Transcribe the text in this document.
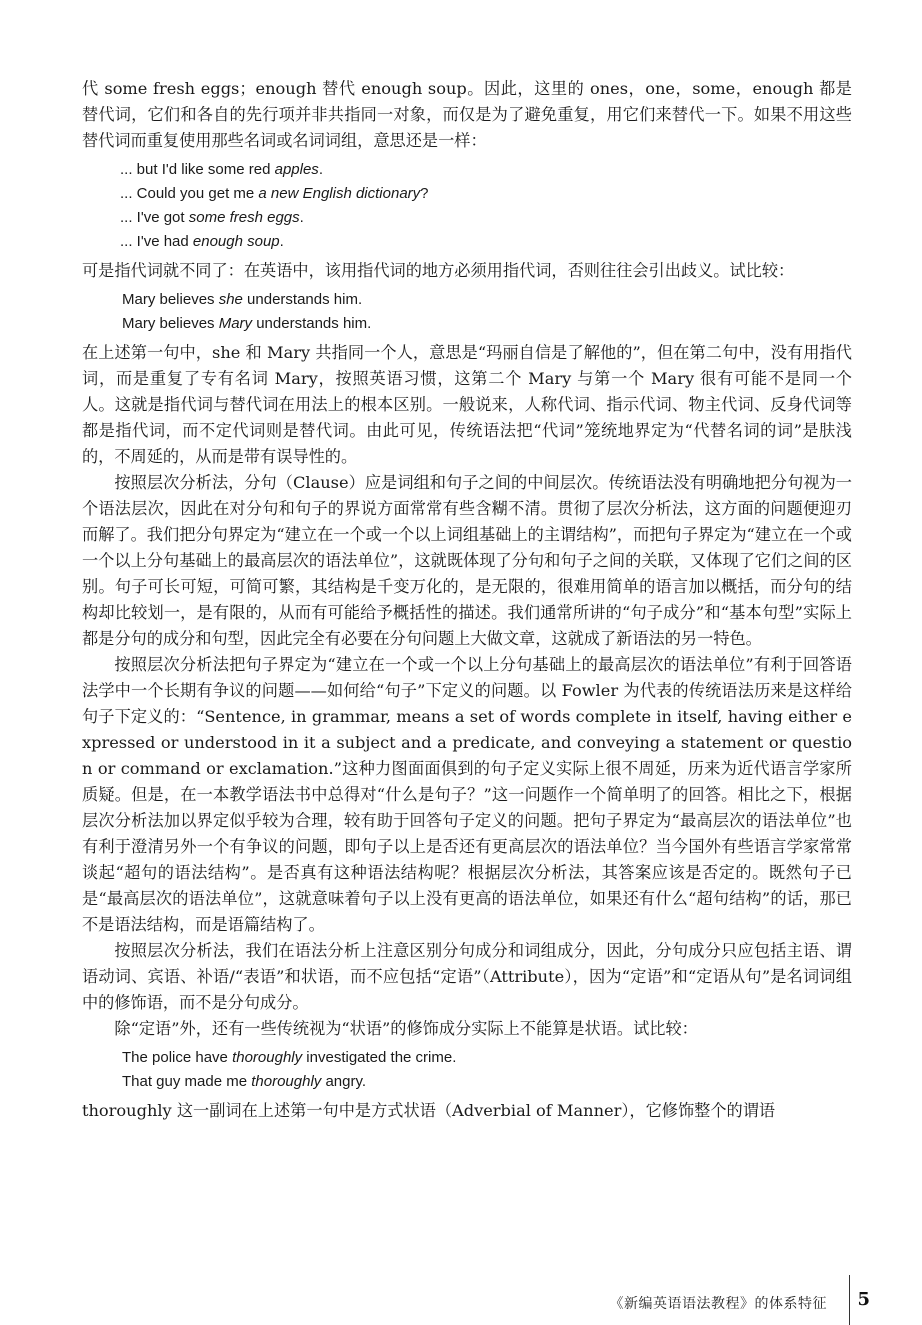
代 some fresh eggs；enough 替代 enough soup。因此，这里的 ones，one，some，enough 都是替代词，它们和各自的先行项并非共指同一对象，而仅是为了避免重复，用它们来替代一下。如果不用这些替代词而重复使用那些名词或名词词组，意思还是一样：

... but I'd like some red apples.
... Could you get me a new English dictionary?
... I've got some fresh eggs.
... I've had enough soup.

可是指代词就不同了：在英语中，该用指代词的地方必须用指代词，否则往往会引出歧义。试比较：

Mary believes she understands him.
Mary believes Mary understands him.

在上述第一句中，she 和 Mary 共指同一个人，意思是“玛丽自信是了解他的”，但在第二句中，没有用指代词，而是重复了专有名词 Mary，按照英语习惯，这第二个 Mary 与第一个 Mary 很有可能不是同一个人。这就是指代词与替代词在用法上的根本区别。一般说来，人称代词、指示代词、物主代词、反身代词等都是指代词，而不定代词则是替代词。由此可见，传统语法把“代词”笼统地界定为“代替名词的词”是肤浅的，不周延的，从而是带有误导性的。

按照层次分析法，分句（Clause）应是词组和句子之间的中间层次。传统语法没有明确地把分句视为一个语法层次，因此在对分句和句子的界说方面常常有些含糊不清。贯彻了层次分析法，这方面的问题便迎刃而解了。我们把分句界定为“建立在一个或一个以上词组基础上的主谓结构”，而把句子界定为“建立在一个或一个以上分句基础上的最高层次的语法单位”，这就既体现了分句和句子之间的关联，又体现了它们之间的区别。句子可长可短，可简可繁，其结构是千变万化的，是无限的，很难用简单的语言加以概括，而分句的结构却比较划一，是有限的，从而有可能给予概括性的描述。我们通常所讲的“句子成分”和“基本句型”实际上都是分句的成分和句型，因此完全有必要在分句问题上大做文章，这就成了新语法的另一特色。

按照层次分析法把句子界定为“建立在一个或一个以上分句基础上的最高层次的语法单位”有利于回答语法学中一个长期有争议的问题——如何给“句子”下定义的问题。以 Fowler 为代表的传统语法历来是这样给句子下定义的：“Sentence, in grammar, means a set of words complete in itself, having either expressed or understood in it a subject and a predicate, and conveying a statement or question or command or exclamation.”这种力图面面俱到的句子定义实际上很不周延，历来为近代语言学家所质疑。但是，在一本教学语法书中总得对“什么是句子？”这一问题作一个简单明了的回答。相比之下，根据层次分析法加以界定似乎较为合理，较有助于回答句子定义的问题。把句子界定为“最高层次的语法单位”也有利于澄清另外一个有争议的问题，即句子以上是否还有更高层次的语法单位？当今国外有些语言学家常常谈起“超句的语法结构”。是否真有这种语法结构呢？根据层次分析法，其答案应该是否定的。既然句子已是“最高层次的语法单位”，这就意味着句子以上没有更高的语法单位，如果还有什么“超句结构”的话，那已不是语法结构，而是语篇结构了。

按照层次分析法，我们在语法分析上注意区别分句成分和词组成分，因此，分句成分只应包括主语、谓语动词、宾语、补语/“表语”和状语，而不应包括“定语”（Attribute），因为“定语”和“定语从句”是名词词组中的修饰语，而不是分句成分。

除“定语”外，还有一些传统视为“状语”的修饰成分实际上不能算是状语。试比较：

The police have thoroughly investigated the crime.
That guy made me thoroughly angry.

thoroughly 这一副词在上述第一句中是方式状语（Adverbial of Manner），它修饰整个的谓语

《新编英语语法教程》的体系特征 5
